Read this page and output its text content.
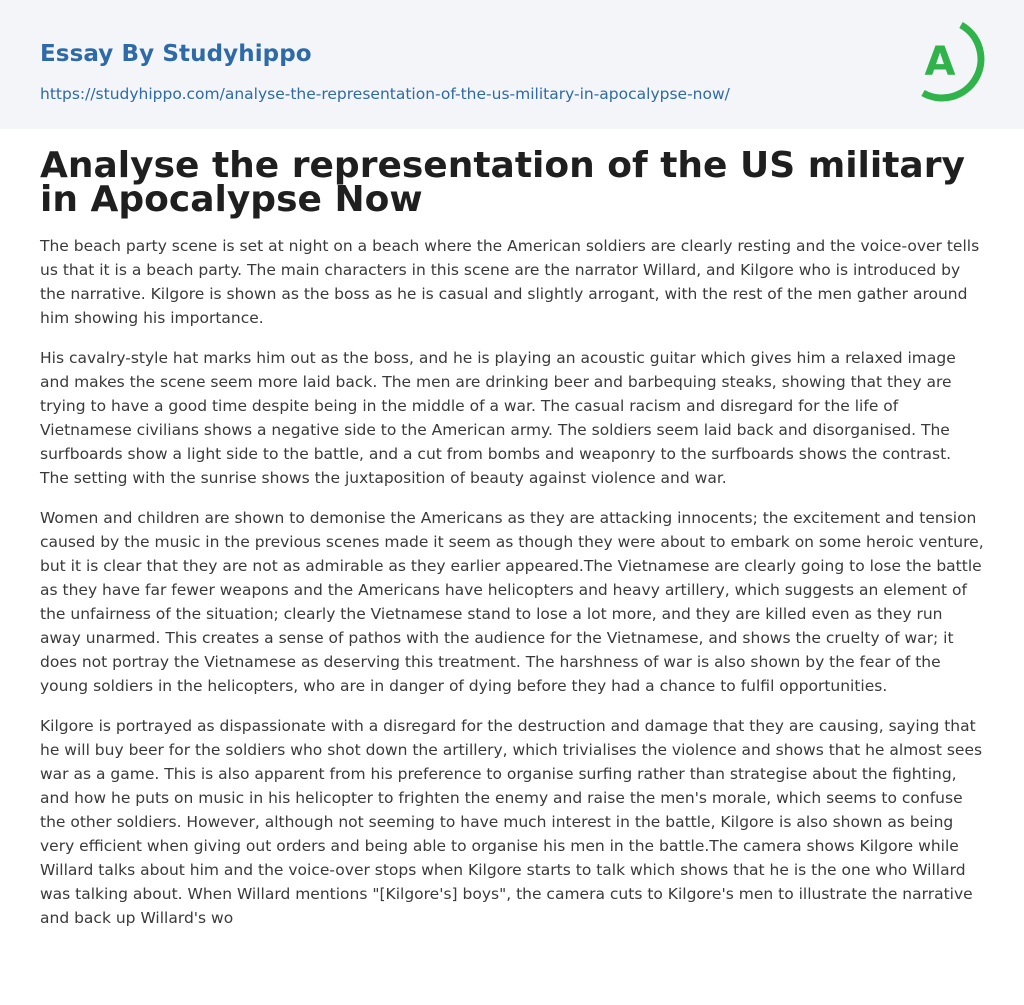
Essay By Studyhippo
https://studyhippo.com/analyse-the-representation-of-the-us-military-in-apocalypse-now/
A
Analyse the representation of the US military in Apocalypse Now

The beach party scene is set at night on a beach where the American soldiers are clearly resting and the voice-over tells us that it is a beach party. The main characters in this scene are the narrator Willard, and Kilgore who is introduced by the narrative. Kilgore is shown as the boss as he is casual and slightly arrogant, with the rest of the men gather around him showing his importance.

His cavalry-style hat marks him out as the boss, and he is playing an acoustic guitar which gives him a relaxed image and makes the scene seem more laid back. The men are drinking beer and barbequing steaks, showing that they are trying to have a good time despite being in the middle of a war. The casual racism and disregard for the life of Vietnamese civilians shows a negative side to the American army. The soldiers seem laid back and disorganised. The surfboards show a light side to the battle, and a cut from bombs and weaponry to the surfboards shows the contrast. The setting with the sunrise shows the juxtaposition of beauty against violence and war.

Women and children are shown to demonise the Americans as they are attacking innocents; the excitement and tension caused by the music in the previous scenes made it seem as though they were about to embark on some heroic venture, but it is clear that they are not as admirable as they earlier appeared.The Vietnamese are clearly going to lose the battle as they have far fewer weapons and the Americans have helicopters and heavy artillery, which suggests an element of the unfairness of the situation; clearly the Vietnamese stand to lose a lot more, and they are killed even as they run away unarmed. This creates a sense of pathos with the audience for the Vietnamese, and shows the cruelty of war; it does not portray the Vietnamese as deserving this treatment. The harshness of war is also shown by the fear of the young soldiers in the helicopters, who are in danger of dying before they had a chance to fulfil opportunities.

Kilgore is portrayed as dispassionate with a disregard for the destruction and damage that they are causing, saying that he will buy beer for the soldiers who shot down the artillery, which trivialises the violence and shows that he almost sees war as a game. This is also apparent from his preference to organise surfing rather than strategise about the fighting, and how he puts on music in his helicopter to frighten the enemy and raise the men's morale, which seems to confuse the other soldiers. However, although not seeming to have much interest in the battle, Kilgore is also shown as being very efficient when giving out orders and being able to organise his men in the battle.The camera shows Kilgore while Willard talks about him and the voice-over stops when Kilgore starts to talk which shows that he is the one who Willard was talking about. When Willard mentions "[Kilgore's] boys", the camera cuts to Kilgore's men to illustrate the narrative and back up Willard's wo
